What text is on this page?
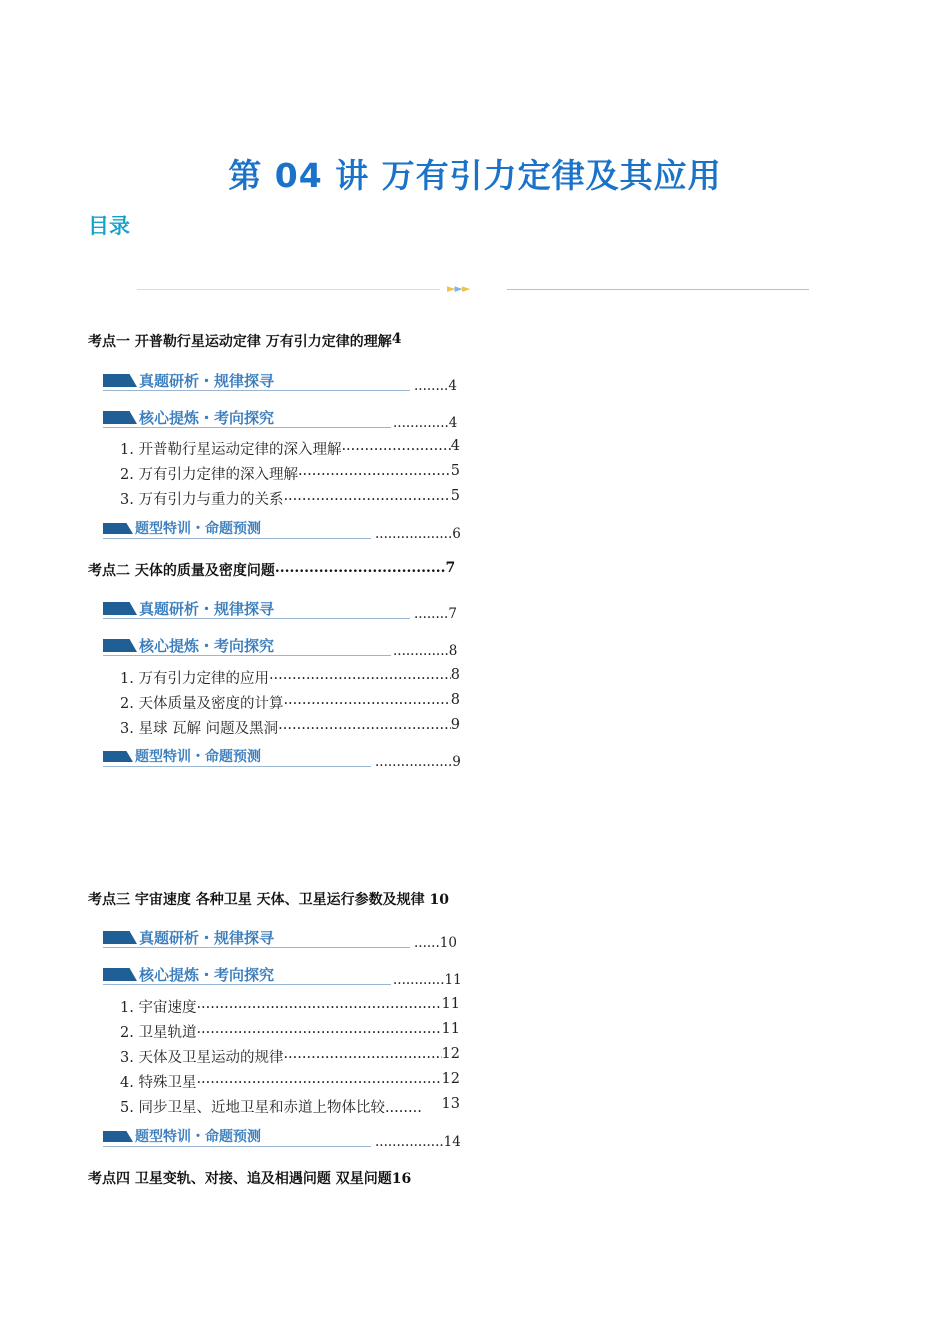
第 04 讲 万有引力定律及其应用
目录
►►►
考点一 开普勒行星运动定律 万有引力定律的理解 4
真题研析・规律探寻	........4
核心提炼・考向探究	.............4
1. 开普勒行星运动定律的深入理解 .....	4
2. 万有引力定律的深入理解 .....	5
3. 万有引力与重力的关系 .....	5
题型特训・命题预测	..................6
考点二 天体的质量及密度问题 ................................... 7
真题研析・规律探寻	........7
核心提炼・考向探究	.............8
1. 万有引力定律的应用 .....	8
2. 天体质量及密度的计算 .....	8
3. 星球 瓦解 问题及黑洞 .....	9
题型特训・命题预测	..................9
考点三 宇宙速度 各种卫星 天体、卫星运行参数及规律 10
真题研析・规律探寻	......10
核心提炼・考向探究	............11
1. 宇宙速度 .....	11
2. 卫星轨道 .....	11
3. 天体及卫星运动的规律 .....	12
4. 特殊卫星 .....	12
5. 同步卫星、近地卫星和赤道上物体比较........ 13
题型特训・命题预测	................14
考点四 卫星变轨、对接、追及相遇问题 双星问题16
